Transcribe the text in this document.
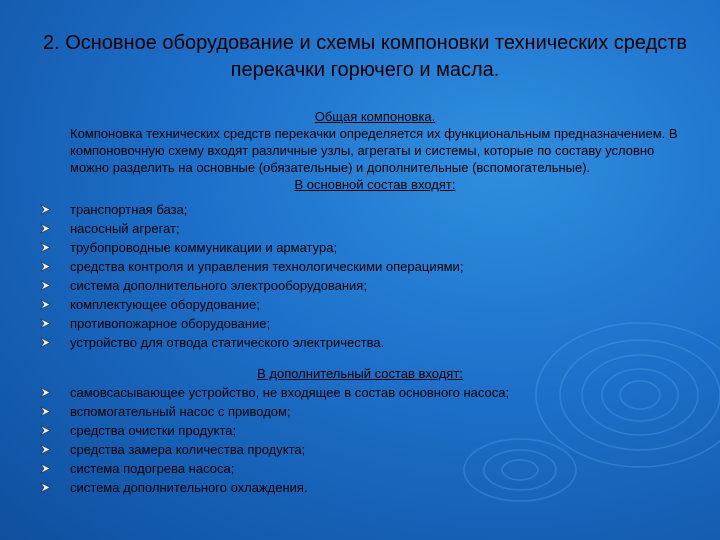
2. Основное оборудование и схемы компоновки технических средств перекачки горючего и масла.
Общая компоновка.

Компоновка технических средств перекачки определяется их функциональным предназначением. В компоновочную схему входят различные узлы, агрегаты и системы, которые по составу условно можно разделить на основные (обязательные) и дополнительные (вспомогательные).

В основной состав входят:
транспортная база;
насосный агрегат;
трубопроводные коммуникации и арматура;
средства контроля и управления технологическими операциями;
система дополнительного электрооборудования;
комплектующее оборудование;
противопожарное оборудование;
устройство для отвода статического электричества.
В дополнительный состав входят:
самовсасывающее устройство, не входящее в состав основного насоса;
вспомогательный насос с приводом;
средства очистки продукта;
средства замера количества продукта;
система подогрева насоса;
система дополнительного охлаждения.
